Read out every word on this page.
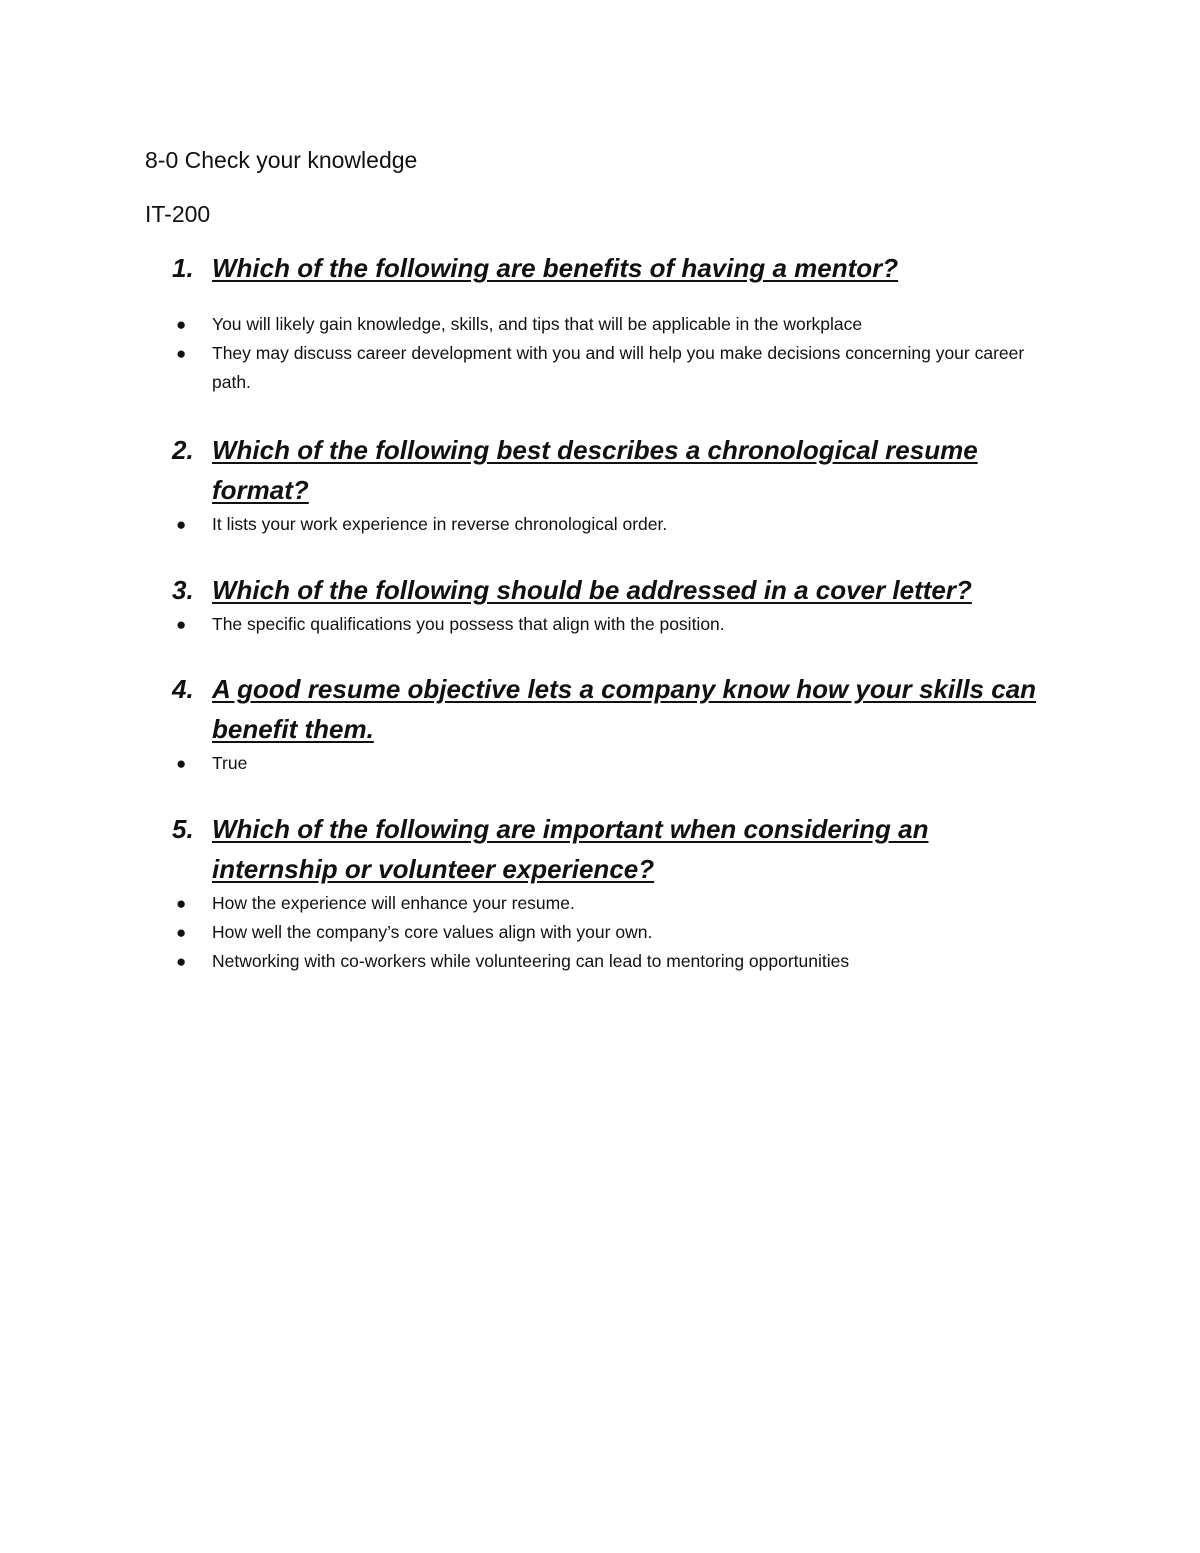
8-0 Check your knowledge

IT-200

1. Which of the following are benefits of having a mentor?
● You will likely gain knowledge, skills, and tips that will be applicable in the workplace
● They may discuss career development with you and will help you make decisions concerning your career path.
2. Which of the following best describes a chronological resume format?
● It lists your work experience in reverse chronological order.
3. Which of the following should be addressed in a cover letter?
● The specific qualifications you possess that align with the position.
4. A good resume objective lets a company know how your skills can benefit them.
● True
5. Which of the following are important when considering an internship or volunteer experience?
● How the experience will enhance your resume.
● How well the company’s core values align with your own.
● Networking with co-workers while volunteering can lead to mentoring opportunities
